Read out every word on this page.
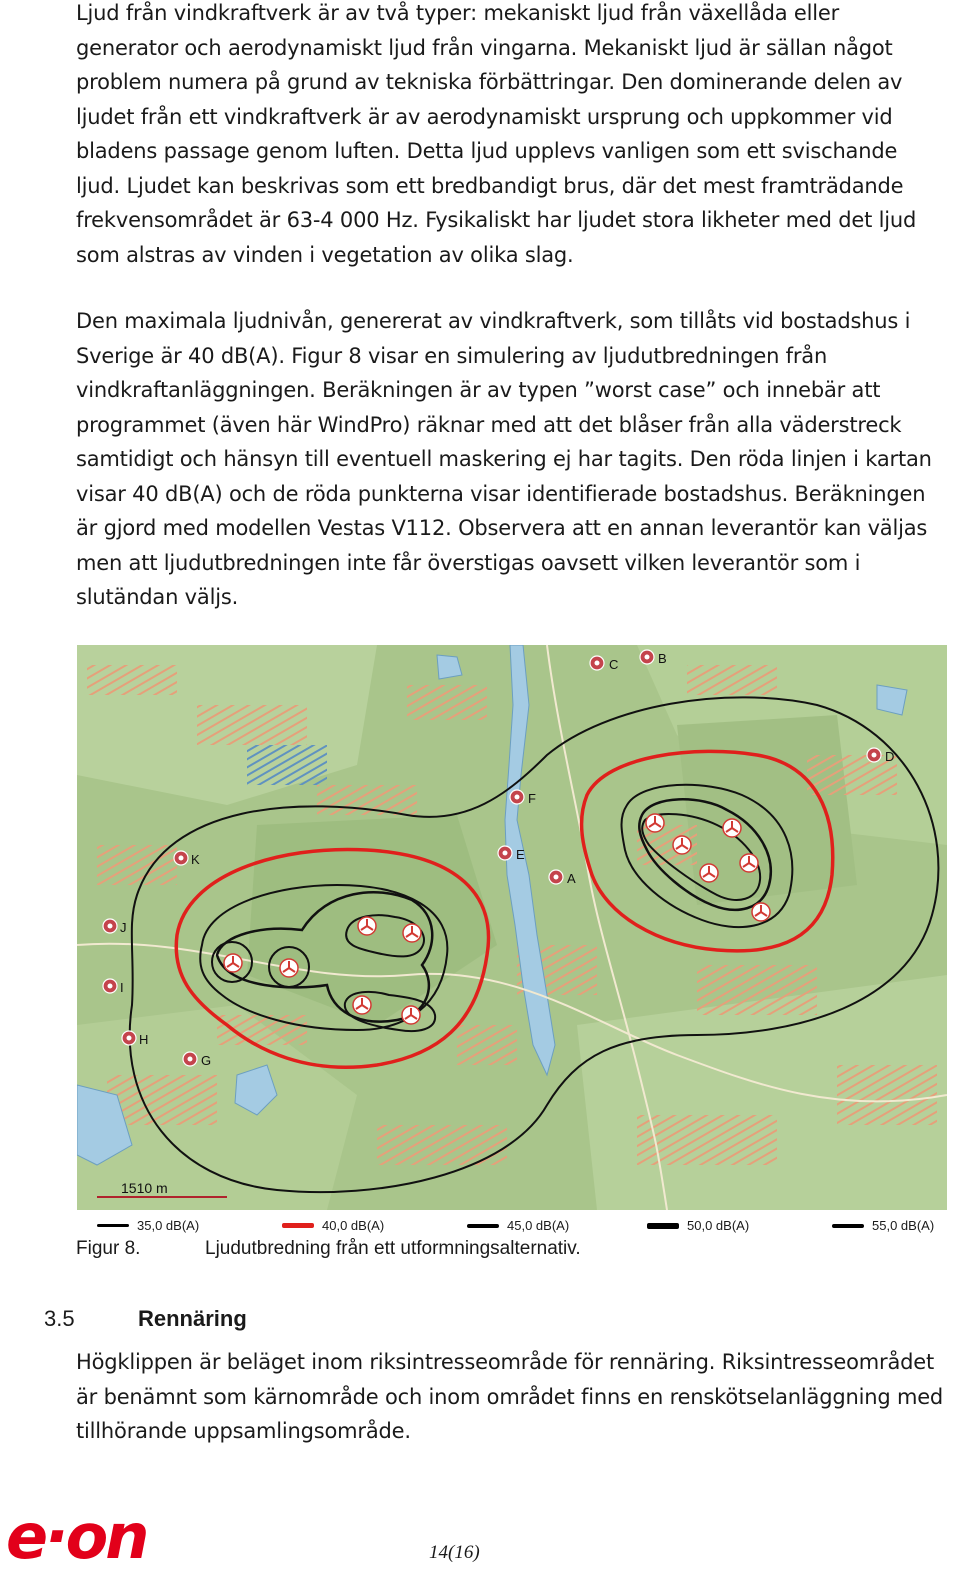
Ljud från vindkraftverk är av två typer: mekaniskt ljud från växellåda eller generator och aerodynamiskt ljud från vingarna. Mekaniskt ljud är sällan något problem numera på grund av tekniska förbättringar. Den dominerande delen av ljudet från ett vindkraftverk är av aerodynamiskt ursprung och uppkommer vid bladens passage genom luften. Detta ljud upplevs vanligen som ett svischande ljud. Ljudet kan beskrivas som ett bredbandigt brus, där det mest framträdande frekvensområdet är 63-4 000 Hz. Fysikaliskt har ljudet stora likheter med det ljud som alstras av vinden i vegetation av olika slag.

Den maximala ljudnivån, genererat av vindkraftverk, som tillåts vid bostadshus i Sverige är 40 dB(A). Figur 8 visar en simulering av ljudutbredningen från vindkraftanläggningen. Beräkningen är av typen ”worst case” och innebär att programmet (även här WindPro) räknar med att det blåser från alla väderstreck samtidigt och hänsyn till eventuell maskering ej har tagits. Den röda linjen i kartan visar 40 dB(A) och de röda punkterna visar identifierade bostadshus. Beräkningen är gjord med modellen Vestas V112. Observera att en annan leverantör kan väljas men att ljudutbredningen inte får överstigas oavsett vilken leverantör som i slutändan väljs.

C
D
F
E
A
K
J
I
H
G
B
1510 m
35,0 dB(A)	40,0 dB(A)	45,0 dB(A)	50,0 dB(A)	55,0 dB(A)
Figur 8.	Ljudutbredning från ett utformningsalternativ.
3.5	Rennäring

Högklippen är beläget inom riksintresseområde för rennäring. Riksintresseområdet är benämnt som kärnområde och inom området finns en renskötselanläggning med tillhörande uppsamlingsområde.

e·on	14(16)
